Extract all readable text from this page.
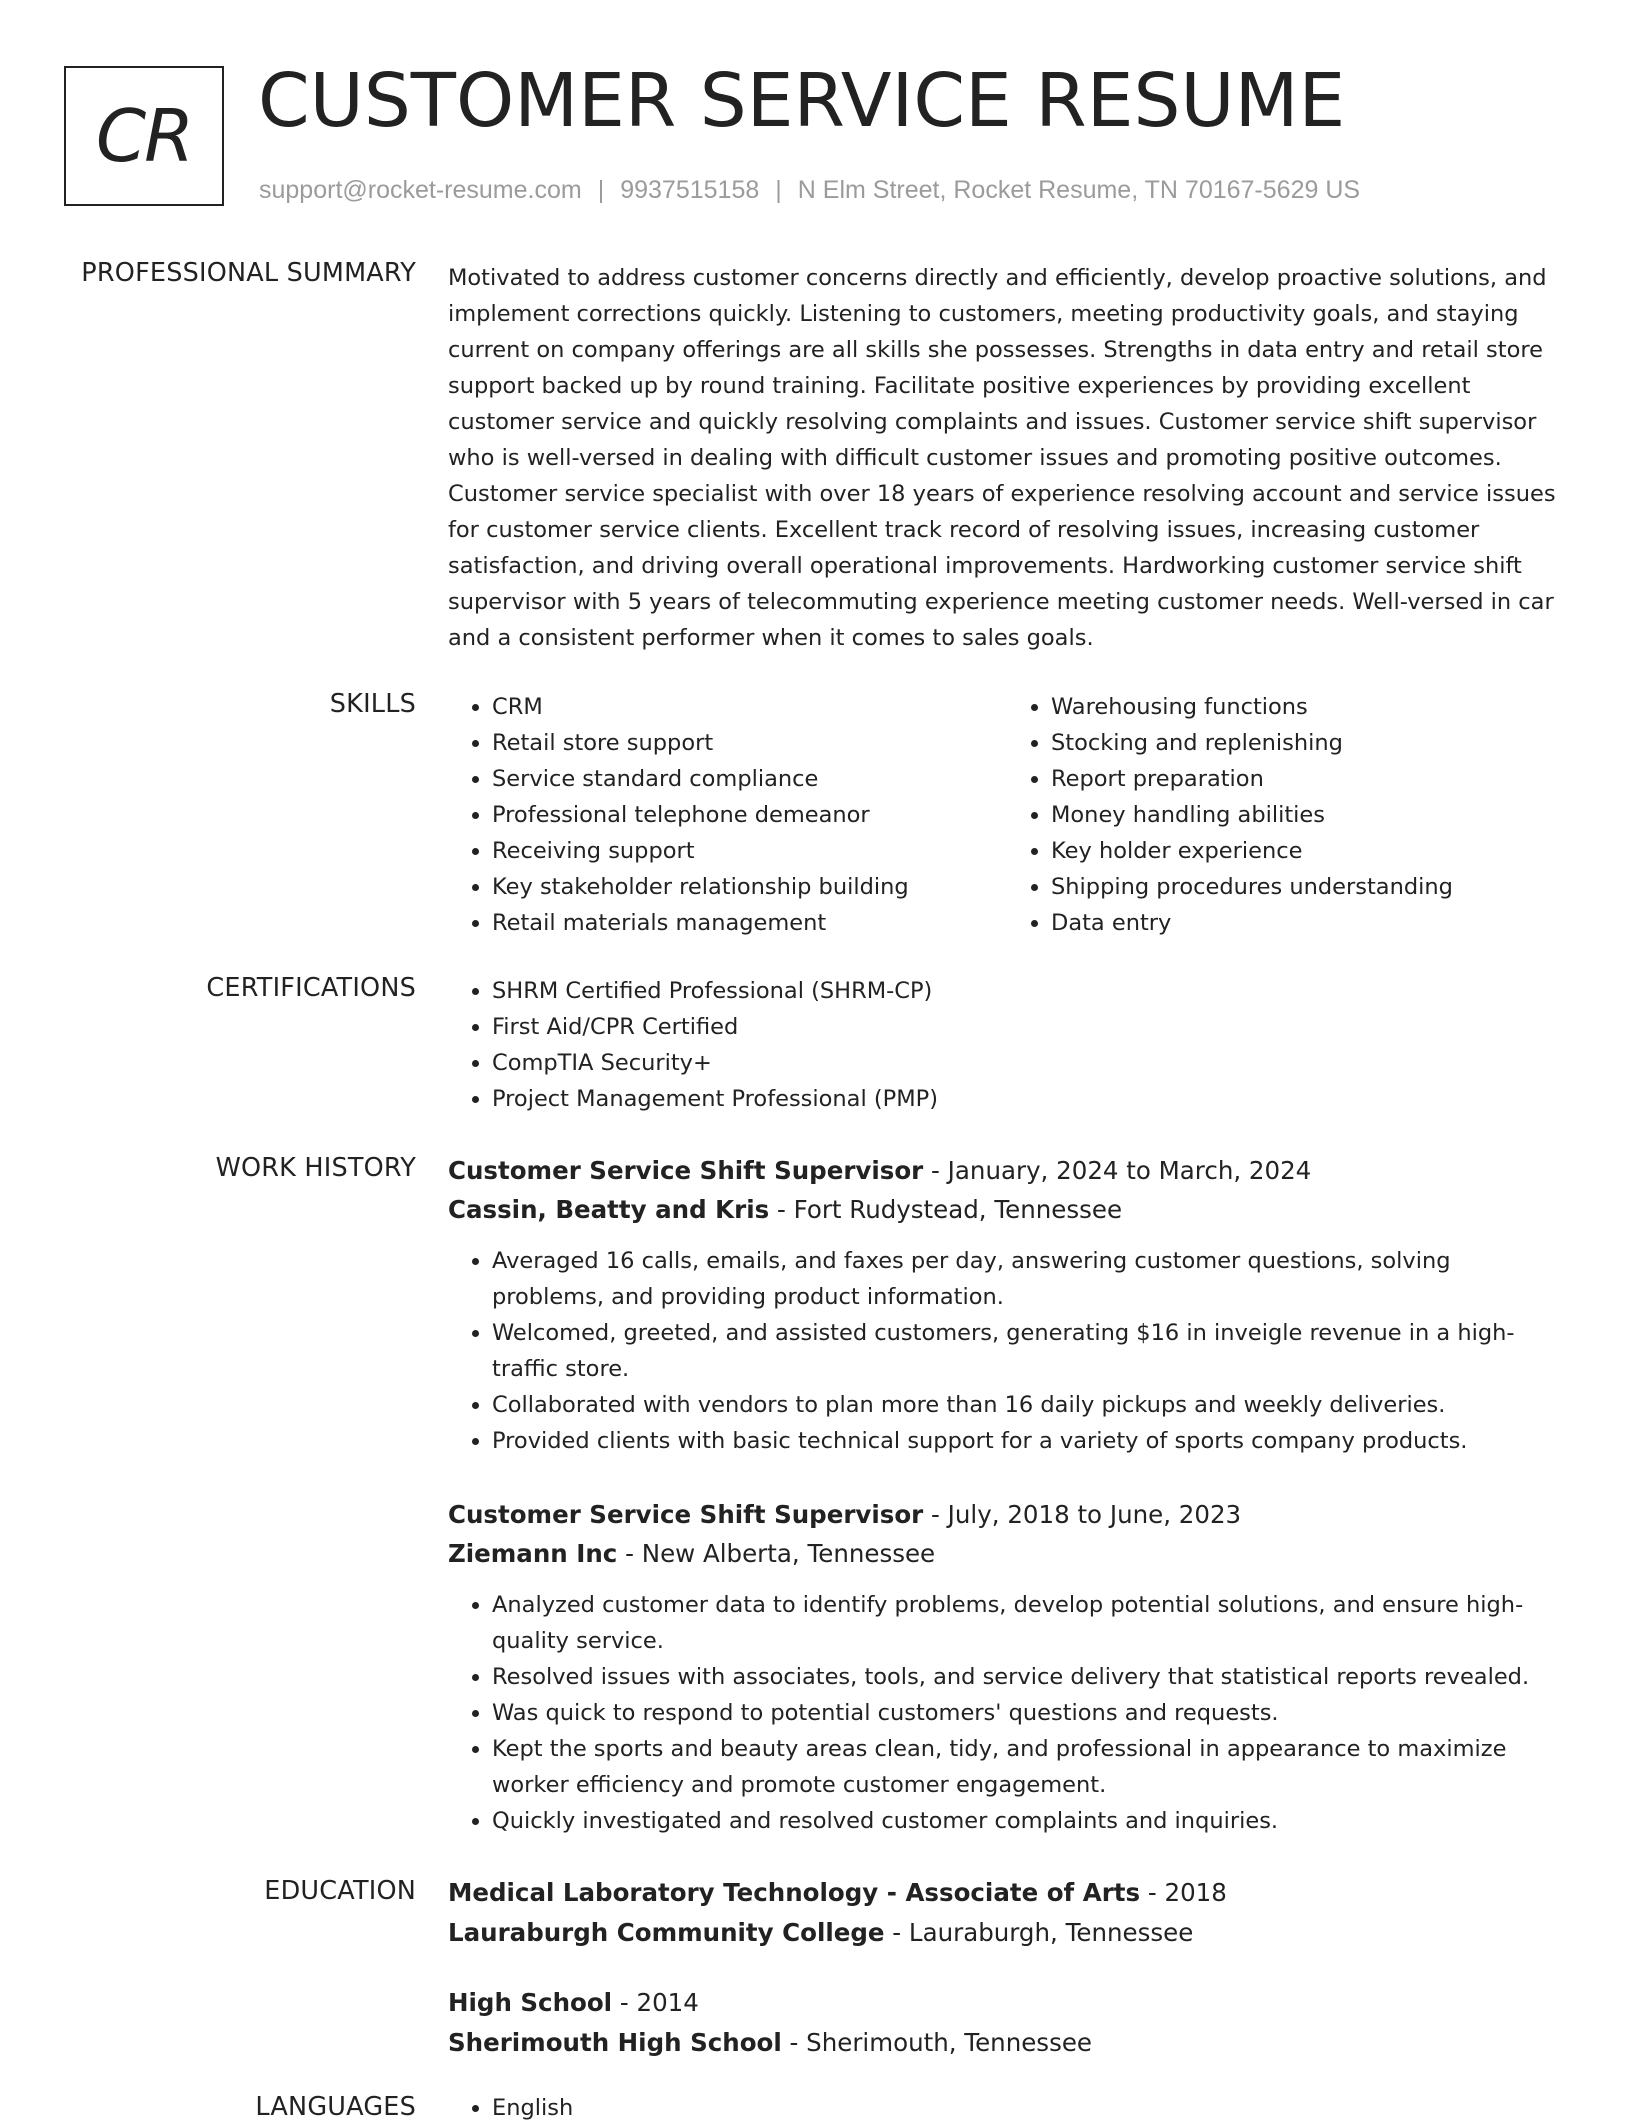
CR CUSTOMER SERVICE RESUME
support@rocket-resume.com | 9937515158 | N Elm Street, Rocket Resume, TN 70167-5629 US
PROFESSIONAL SUMMARY Motivated to address customer concerns directly and efficiently, develop proactive solutions, and implement corrections quickly. Listening to customers, meeting productivity goals, and staying current on company offerings are all skills she possesses. Strengths in data entry and retail store support backed up by round training. Facilitate positive experiences by providing excellent customer service and quickly resolving complaints and issues. Customer service shift supervisor who is well-versed in dealing with difficult customer issues and promoting positive outcomes. Customer service specialist with over 18 years of experience resolving account and service issues for customer service clients. Excellent track record of resolving issues, increasing customer satisfaction, and driving overall operational improvements. Hardworking customer service shift supervisor with 5 years of telecommuting experience meeting customer needs. Well-versed in car and a consistent performer when it comes to sales goals.
SKILLS	• CRM
• Retail store support
• Service standard compliance
• Professional telephone demeanor
• Receiving support
• Key stakeholder relationship building
• Retail materials management
• Warehousing functions
• Stocking and replenishing
• Report preparation
• Money handling abilities
• Key holder experience
• Shipping procedures understanding
• Data entry
CERTIFICATIONS	• SHRM Certified Professional (SHRM-CP)
• First Aid/CPR Certified
• CompTIA Security+
• Project Management Professional (PMP)
WORK HISTORY Customer Service Shift Supervisor - January, 2024 to March, 2024
Cassin, Beatty and Kris - Fort Rudystead, Tennessee
• Averaged 16 calls, emails, and faxes per day, answering customer questions, solving problems, and providing product information.
• Welcomed, greeted, and assisted customers, generating $16 in inveigle revenue in a high-traffic store.
• Collaborated with vendors to plan more than 16 daily pickups and weekly deliveries.
• Provided clients with basic technical support for a variety of sports company products.
Customer Service Shift Supervisor - July, 2018 to June, 2023
Ziemann Inc - New Alberta, Tennessee
• Analyzed customer data to identify problems, develop potential solutions, and ensure high-quality service.
• Resolved issues with associates, tools, and service delivery that statistical reports revealed.
• Was quick to respond to potential customers' questions and requests.
• Kept the sports and beauty areas clean, tidy, and professional in appearance to maximize worker efficiency and promote customer engagement.
• Quickly investigated and resolved customer complaints and inquiries.
EDUCATION Medical Laboratory Technology - Associate of Arts - 2018
Lauraburgh Community College - Lauraburgh, Tennessee
High School - 2014
Sherimouth High School - Sherimouth, Tennessee
LANGUAGES	• English
